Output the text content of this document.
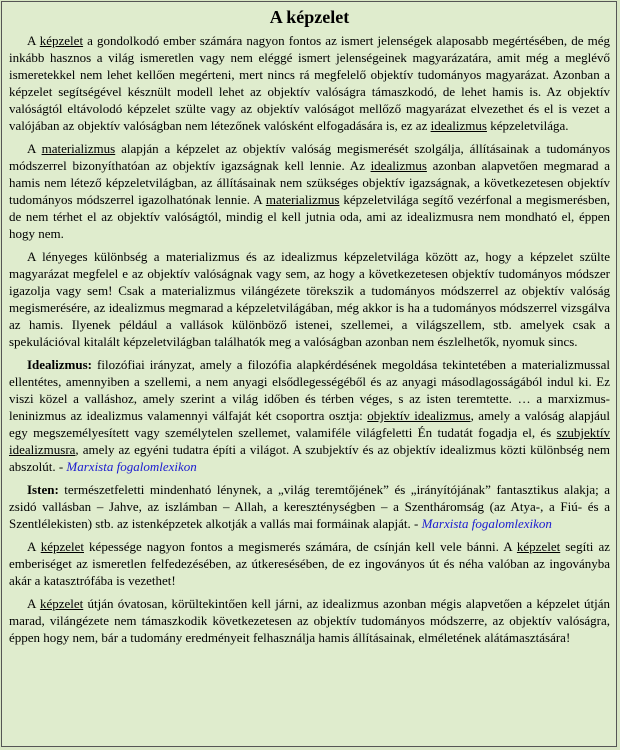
A képzelet

A képzelet a gondolkodó ember számára nagyon fontos az ismert jelenségek alaposabb megértésében, de még inkább hasznos a világ ismeretlen vagy nem eléggé ismert jelenségeinek magyarázatára, amit még a meglévő ismeretekkel nem lehet kellően megérteni, mert nincs rá megfelelő objektív tudományos magyarázat. Azonban a képzelet segítségével késznült modell lehet az objektív valóságra támaszkodó, de lehet hamis is. Az objektív valóságtól eltávolodó képzelet szülte vagy az objektív valóságot mellőző magyarázat elvezethet és el is vezet a valójában az objektív valóságban nem létezőnek valósként elfogadására is, ez az idealizmus képzeletvilága.

A materializmus alapján a képzelet az objektív valóság megismerését szolgálja, állításainak a tudományos módszerrel bizonyíthatóan az objektív igazságnak kell lennie. Az idealizmus azonban alapvetően megmarad a hamis nem létező képzeletvilágban, az állításainak nem szükséges objektív igazságnak, a következetesen objektív tudományos módszerrel igazolhatónak lennie. A materializmus képzeletvilága segítő vezérfonal a megismerésben, de nem térhet el az objektív valóságtól, mindig el kell jutnia oda, ami az idealizmusra nem mondható el, éppen hogy nem.

A lényeges különbség a materializmus és az idealizmus képzeletvilága között az, hogy a képzelet szülte magyarázat megfelel e az objektív valóságnak vagy sem, az hogy a következetesen objektív tudományos módszer igazolja vagy sem! Csak a materializmus vilángézete törekszik a tudományos módszerrel az objektív valóság megismerésére, az idealizmus megmarad a képzeletvilágában, még akkor is ha a tudományos módszerrel vizsgálva az hamis. Ilyenek például a vallások különböző istenei, szellemei, a világszellem, stb. amelyek csak a spekulációval kitalált képzeletvilágban találhatók meg a valóságban azonban nem észlelhetők, nyomuk sincs.

Idealizmus: filozófiai irányzat, amely a filozófia alapkérdésének megoldása tekintetében a materializmussal ellentétes, amennyiben a szellemi, a nem anyagi elsődlegességéből és az anyagi másodlagosságából indul ki. Ez viszi közel a valláshoz, amely szerint a világ időben és térben véges, s az isten teremtette. … a marxizmus-leninizmus az idealizmus valamennyi válfaját két csoportra osztja: objektív idealizmus, amely a valóság alapjául egy megszemélyesített vagy személytelen szellemet, valamiféle világfeletti Én tudatát fogadja el, és szubjektív idealizmusra, amely az egyéni tudatra építi a világot. A szubjektív és az objektív idealizmus közti különbség nem abszolút. - Marxista fogalomlexikon

Isten: természetfeletti mindenható lénynek, a „világ teremtőjének” és „irányítójának” fantasztikus alakja; a zsidó vallásban – Jahve, az iszlámban – Allah, a kereszténységben – a Szentháromság (az Atya-, a Fiú- és a Szentlélekisten) stb. az istenképzetek alkotják a vallás mai formáinak alapját. - Marxista fogalomlexikon

A képzelet képessége nagyon fontos a megismerés számára, de csínján kell vele bánni. A képzelet segíti az emberiséget az ismeretlen felfedezésében, az útkeresésében, de ez ingoványos út és néha valóban az ingoványba akár a katasztrófába is vezethet!

A képzelet útján óvatosan, körültekintően kell járni, az idealizmus azonban mégis alapvetően a képzelet útján marad, vilángézete nem támaszkodik következetesen az objektív tudományos módszerre, az objektív valóságra, éppen hogy nem, bár a tudomány eredményeit felhasználja hamis állításainak, elméletének alátámasztására!
